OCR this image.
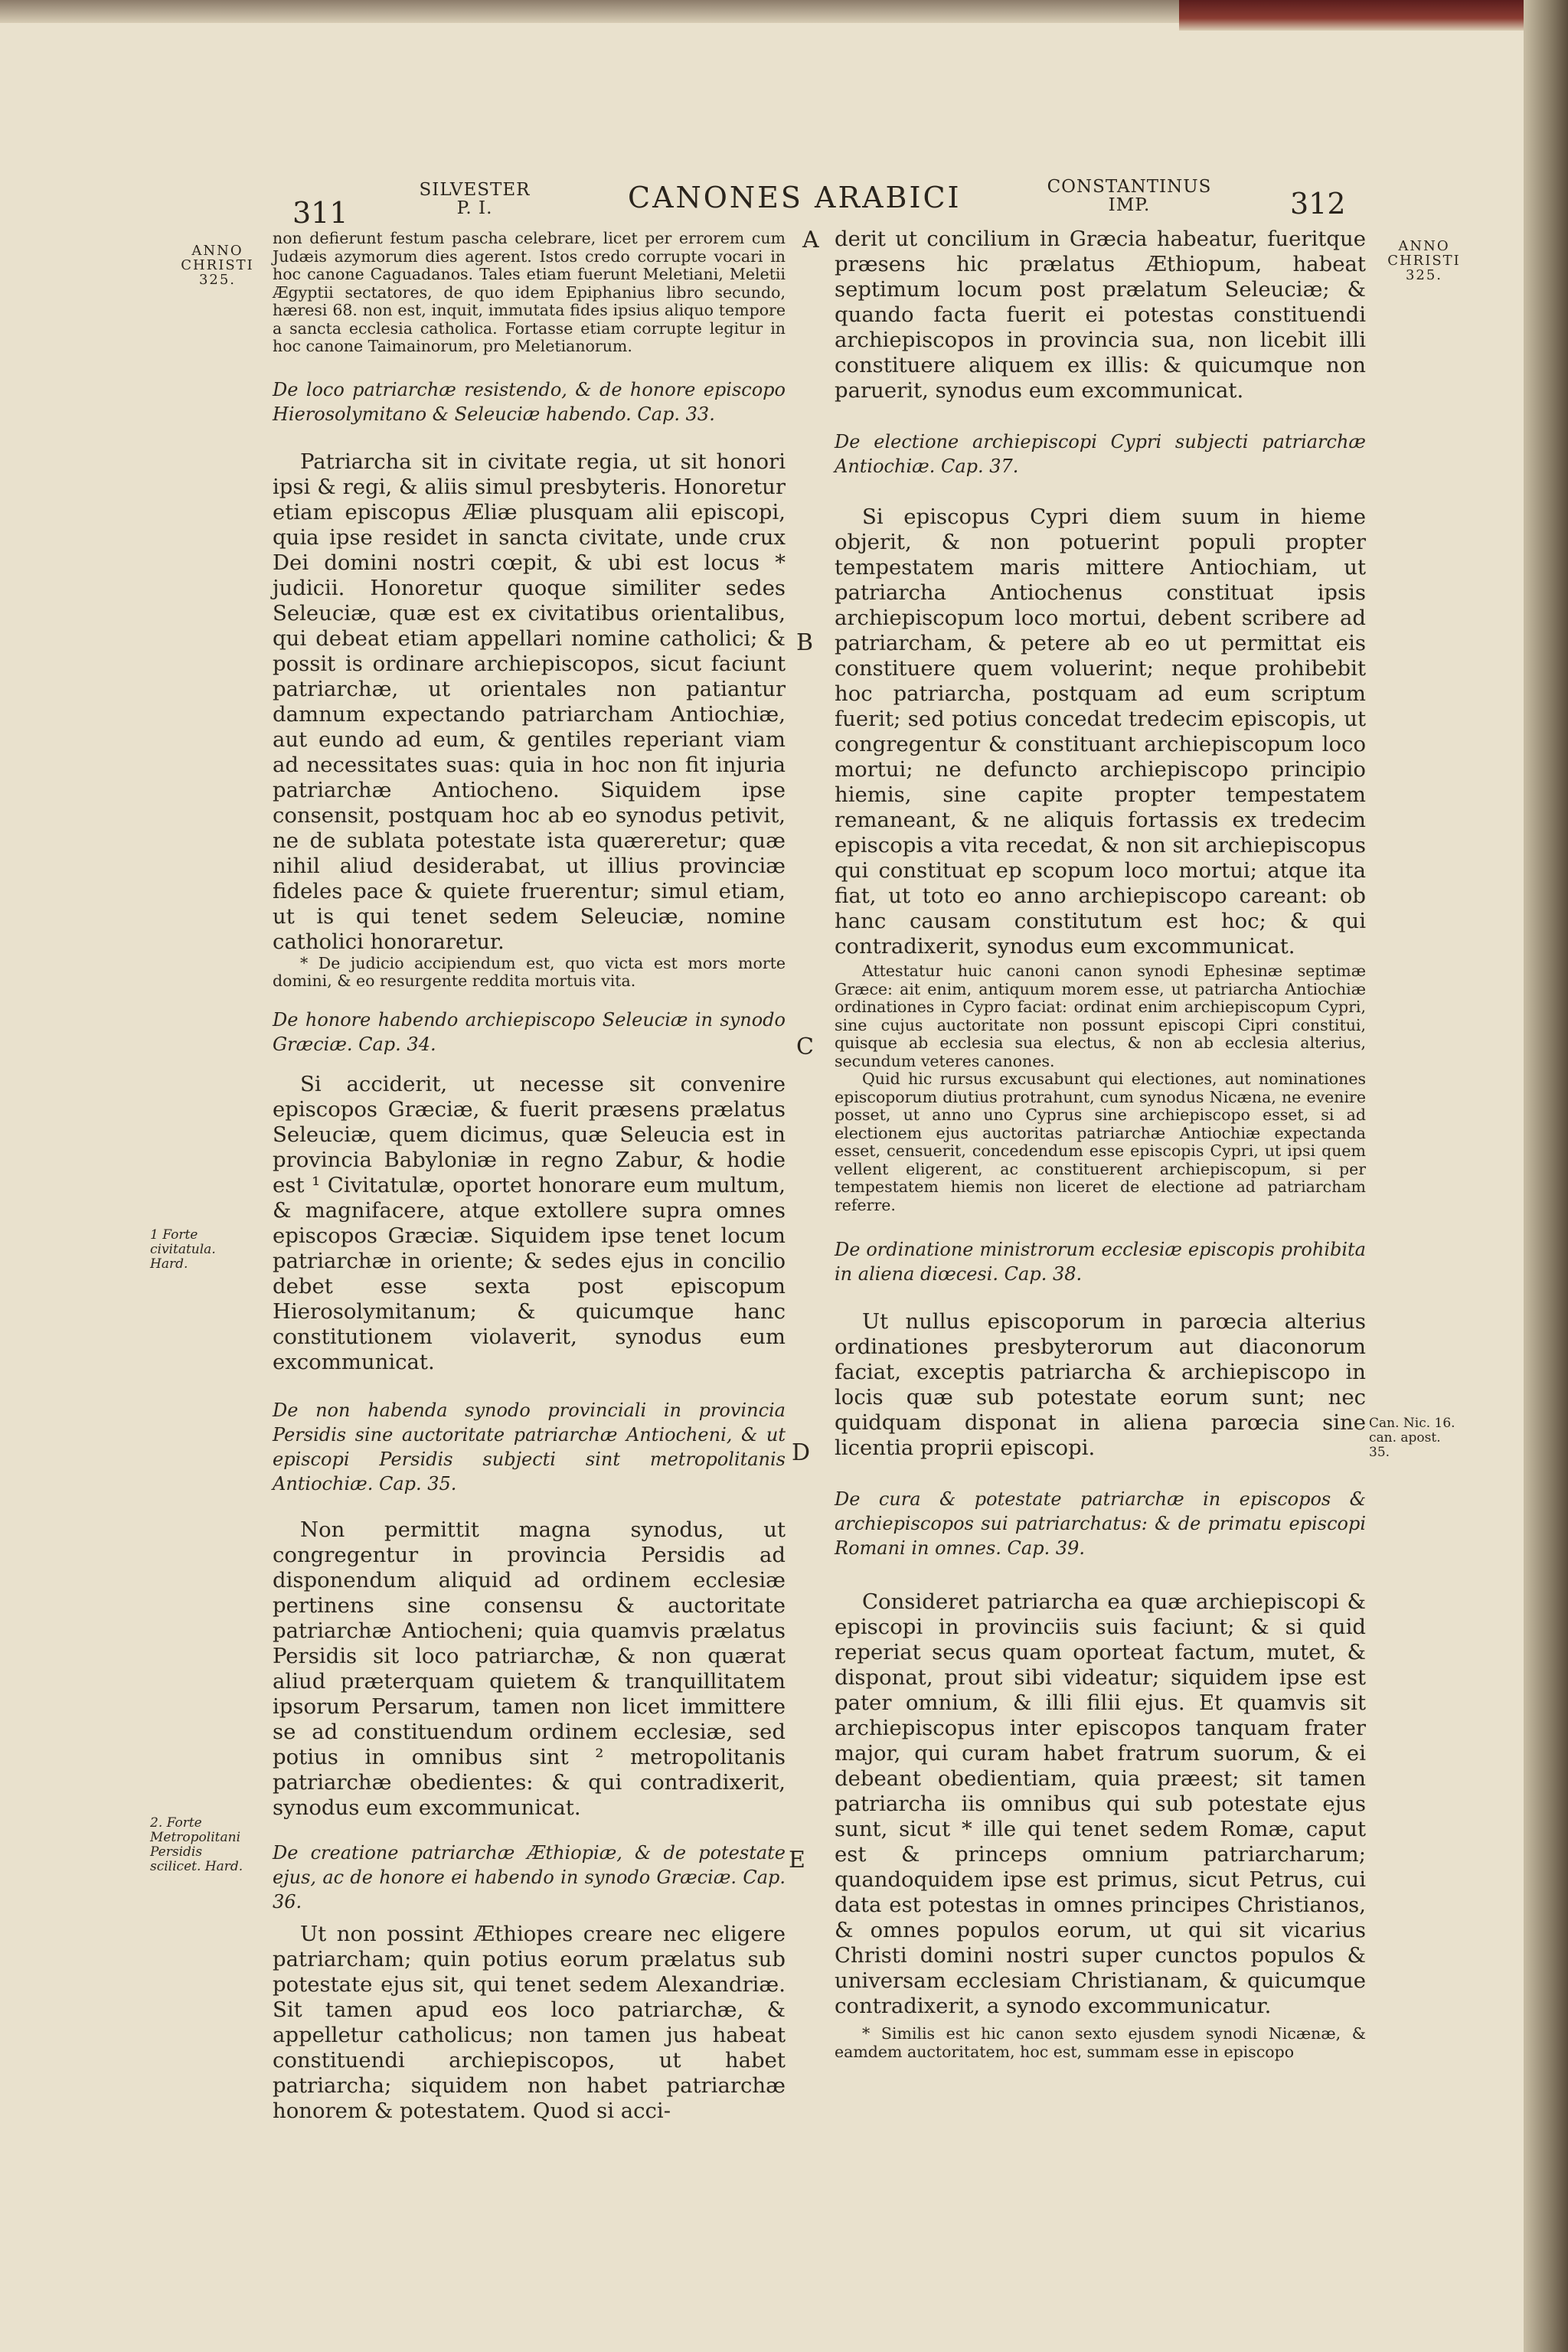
311
SILVESTER P. I.	CANONES ARABICI	CONSTANTINUS IMP.	312
ANNO CHRISTI 325.
ANNO CHRISTI 325.
1 Forte civitatula. Hard.
2. Forte Metropolitani Persidis scilicet. Hard.
Can. Nic. 16. can. apost. 35.
A
B
C
D
E

non defierunt festum pascha celebrare, licet per errorem cum Judæis azymorum dies agerent. Istos credo corrupte vocari in hoc canone Caguadanos. Tales etiam fuerunt Meletiani, Meletii Ægyptii sectatores, de quo idem Epiphanius libro secundo, hæresi 68. non est, inquit, immutata fides ipsius aliquo tempore a sancta ecclesia catholica. Fortasse etiam corrupte legitur in hoc canone Taimainorum, pro Meletianorum.

De loco patriarchæ resistendo, & de honore episcopo Hierosolymitano & Seleuciæ habendo. Cap. 33.

Patriarcha sit in civitate regia, ut sit honori ipsi & regi, & aliis simul presbyteris. Honoretur etiam episcopus Æliæ plusquam alii episcopi, quia ipse residet in sancta civitate, unde crux Dei domini nostri cœpit, & ubi est locus * judicii. Honoretur quoque similiter sedes Seleuciæ, quæ est ex civitatibus orientalibus, qui debeat etiam appellari nomine catholici; & possit is ordinare archiepiscopos, sicut faciunt patriarchæ, ut orientales non patiantur damnum expectando patriarcham Antiochiæ, aut eundo ad eum, & gentiles reperiant viam ad necessitates suas: quia in hoc non fit injuria patriarchæ Antiocheno. Siquidem ipse consensit, postquam hoc ab eo synodus petivit, ne de sublata potestate ista quæreretur; quæ nihil aliud desiderabat, ut illius provinciæ fideles pace & quiete fruerentur; simul etiam, ut is qui tenet sedem Seleuciæ, nomine catholici honoraretur.

* De judicio accipiendum est, quo victa est mors morte domini, & eo resurgente reddita mortuis vita.

De honore habendo archiepiscopo Seleuciæ in synodo Græciæ. Cap. 34.

Si acciderit, ut necesse sit convenire episcopos Græciæ, & fuerit præsens prælatus Seleuciæ, quem dicimus, quæ Seleucia est in provincia Babyloniæ in regno Zabur, & hodie est ¹ Civitatulæ, oportet honorare eum multum, & magnifacere, atque extollere supra omnes episcopos Græciæ. Siquidem ipse tenet locum patriarchæ in oriente; & sedes ejus in concilio debet esse sexta post episcopum Hierosolymitanum; & quicumque hanc constitutionem violaverit, synodus eum excommunicat.

De non habenda synodo provinciali in provincia Persidis sine auctoritate patriarchæ Antiocheni, & ut episcopi Persidis subjecti sint metropolitanis Antiochiæ. Cap. 35.

Non permittit magna synodus, ut congregentur in provincia Persidis ad disponendum aliquid ad ordinem ecclesiæ pertinens sine consensu & auctoritate patriarchæ Antiocheni; quia quamvis prælatus Persidis sit loco patriarchæ, & non quærat aliud præterquam quietem & tranquillitatem ipsorum Persarum, tamen non licet immittere se ad constituendum ordinem ecclesiæ, sed potius in omnibus sint ² metropolitanis patriarchæ obedientes: & qui contradixerit, synodus eum excommunicat.

De creatione patriarchæ Æthiopiæ, & de potestate ejus, ac de honore ei habendo in synodo Græciæ. Cap. 36.

Ut non possint Æthiopes creare nec eligere patriarcham; quin potius eorum prælatus sub potestate ejus sit, qui tenet sedem Alexandriæ. Sit tamen apud eos loco patriarchæ, & appelletur catholicus; non tamen jus habeat constituendi archiepiscopos, ut habet patriarcha; siquidem non habet patriarchæ honorem & potestatem. Quod si acci-

derit ut concilium in Græcia habeatur, fueritque præsens hic prælatus Æthiopum, habeat septimum locum post prælatum Seleuciæ; & quando facta fuerit ei potestas constituendi archiepiscopos in provincia sua, non licebit illi constituere aliquem ex illis: & quicumque non paruerit, synodus eum excommunicat.

De electione archiepiscopi Cypri subjecti patriarchæ Antiochiæ. Cap. 37.

Si episcopus Cypri diem suum in hieme objerit, & non potuerint populi propter tempestatem maris mittere Antiochiam, ut patriarcha Antiochenus constituat ipsis archiepiscopum loco mortui, debent scribere ad patriarcham, & petere ab eo ut permittat eis constituere quem voluerint; neque prohibebit hoc patriarcha, postquam ad eum scriptum fuerit; sed potius concedat tredecim episcopis, ut congregentur & constituant archiepiscopum loco mortui; ne defuncto archiepiscopo principio hiemis, sine capite propter tempestatem remaneant, & ne aliquis fortassis ex tredecim episcopis a vita recedat, & non sit archiepiscopus qui constituat ep scopum loco mortui; atque ita fiat, ut toto eo anno archiepiscopo careant: ob hanc causam constitutum est hoc; & qui contradixerit, synodus eum excommunicat.

Attestatur huic canoni canon synodi Ephesinæ septimæ Græce: ait enim, antiquum morem esse, ut patriarcha Antiochiæ ordinationes in Cypro faciat: ordinat enim archiepiscopum Cypri, sine cujus auctoritate non possunt episcopi Cipri constitui, quisque ab ecclesia sua electus, & non ab ecclesia alterius, secundum veteres canones.

Quid hic rursus excusabunt qui electiones, aut nominationes episcoporum diutius protrahunt, cum synodus Nicæna, ne evenire posset, ut anno uno Cyprus sine archiepiscopo esset, si ad electionem ejus auctoritas patriarchæ Antiochiæ expectanda esset, censuerit, concedendum esse episcopis Cypri, ut ipsi quem vellent eligerent, ac constituerent archiepiscopum, si per tempestatem hiemis non liceret de electione ad patriarcham referre.

De ordinatione ministrorum ecclesiæ episcopis prohibita in aliena diœcesi. Cap. 38.

Ut nullus episcoporum in parœcia alterius ordinationes presbyterorum aut diaconorum faciat, exceptis patriarcha & archiepiscopo in locis quæ sub potestate eorum sunt; nec quidquam disponat in aliena parœcia sine licentia proprii episcopi.

De cura & potestate patriarchæ in episcopos & archiepiscopos sui patriarchatus: & de primatu episcopi Romani in omnes. Cap. 39.

Consideret patriarcha ea quæ archiepiscopi & episcopi in provinciis suis faciunt; & si quid reperiat secus quam oporteat factum, mutet, & disponat, prout sibi videatur; siquidem ipse est pater omnium, & illi filii ejus. Et quamvis sit archiepiscopus inter episcopos tanquam frater major, qui curam habet fratrum suorum, & ei debeant obedientiam, quia præest; sit tamen patriarcha iis omnibus qui sub potestate ejus sunt, sicut * ille qui tenet sedem Romæ, caput est & princeps omnium patriarcharum; quandoquidem ipse est primus, sicut Petrus, cui data est potestas in omnes principes Christianos, & omnes populos eorum, ut qui sit vicarius Christi domini nostri super cunctos populos & universam ecclesiam Christianam, & quicumque contradixerit, a synodo excommunicatur.

* Similis est hic canon sexto ejusdem synodi Nicænæ, & eamdem auctoritatem, hoc est, summam esse in episcopo
